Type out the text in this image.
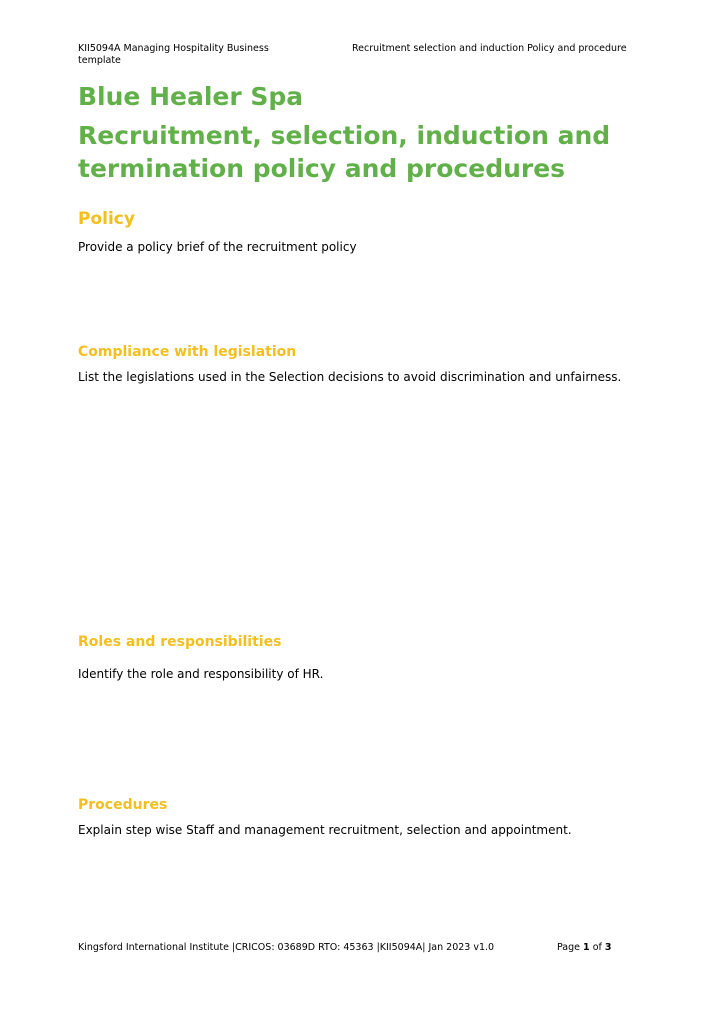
KII5094A Managing Hospitality Business template
Recruitment selection and induction Policy and procedure
Blue Healer Spa
Recruitment, selection, induction and termination policy and procedures
Policy
Provide a policy brief of the recruitment policy
Compliance with legislation
List the legislations used in the Selection decisions to avoid discrimination and unfairness.
Roles and responsibilities
Identify the role and responsibility of HR.
Procedures
Explain step wise Staff and management recruitment, selection and appointment.
Kingsford International Institute |CRICOS: 03689D RTO: 45363 |KII5094A| Jan 2023 v1.0	Page 1 of 3
